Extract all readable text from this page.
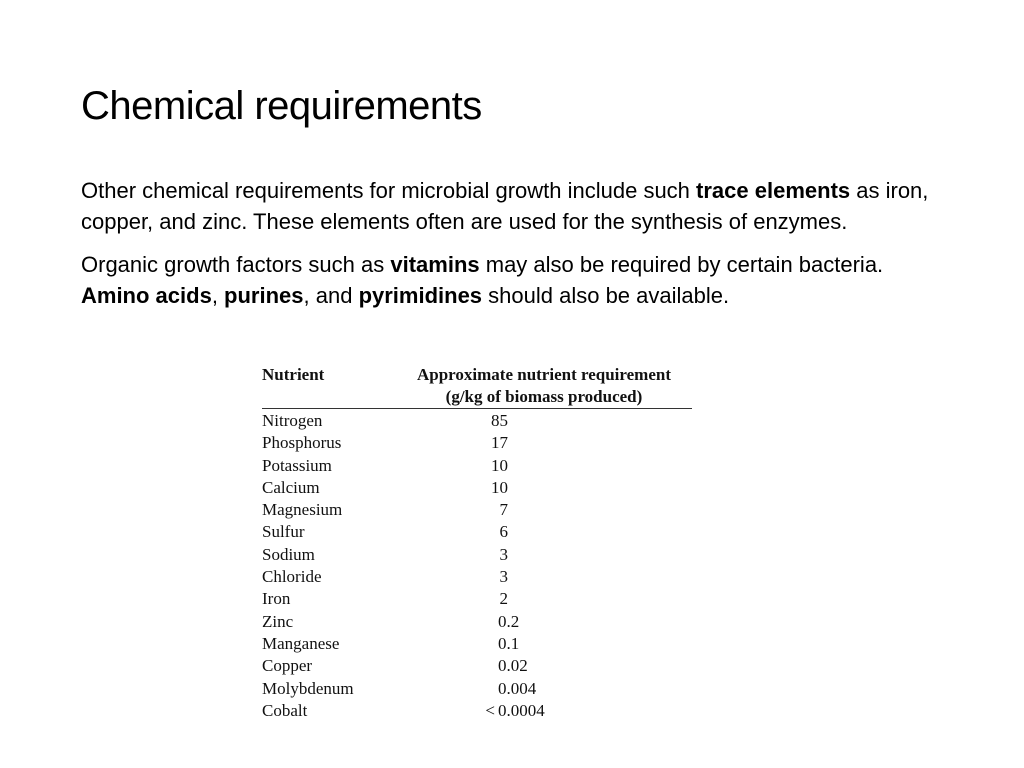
Chemical requirements

Other chemical requirements for microbial growth include such trace elements as iron, copper, and zinc. These elements often are used for the synthesis of enzymes.

Organic growth factors such as vitamins may also be required by certain bacteria. Amino acids, purines, and pyrimidines should also be available.

Nutrient	Approximate nutrient requirement
(g/kg of biomass produced)
Nitrogen	85
Phosphorus	17
Potassium	10
Calcium	10
Magnesium	7
Sulfur	6
Sodium	3
Chloride	3
Iron	2
Zinc	0.2
Manganese	0.1
Copper	0.02
Molybdenum	0.004
Cobalt	< 0.0004
